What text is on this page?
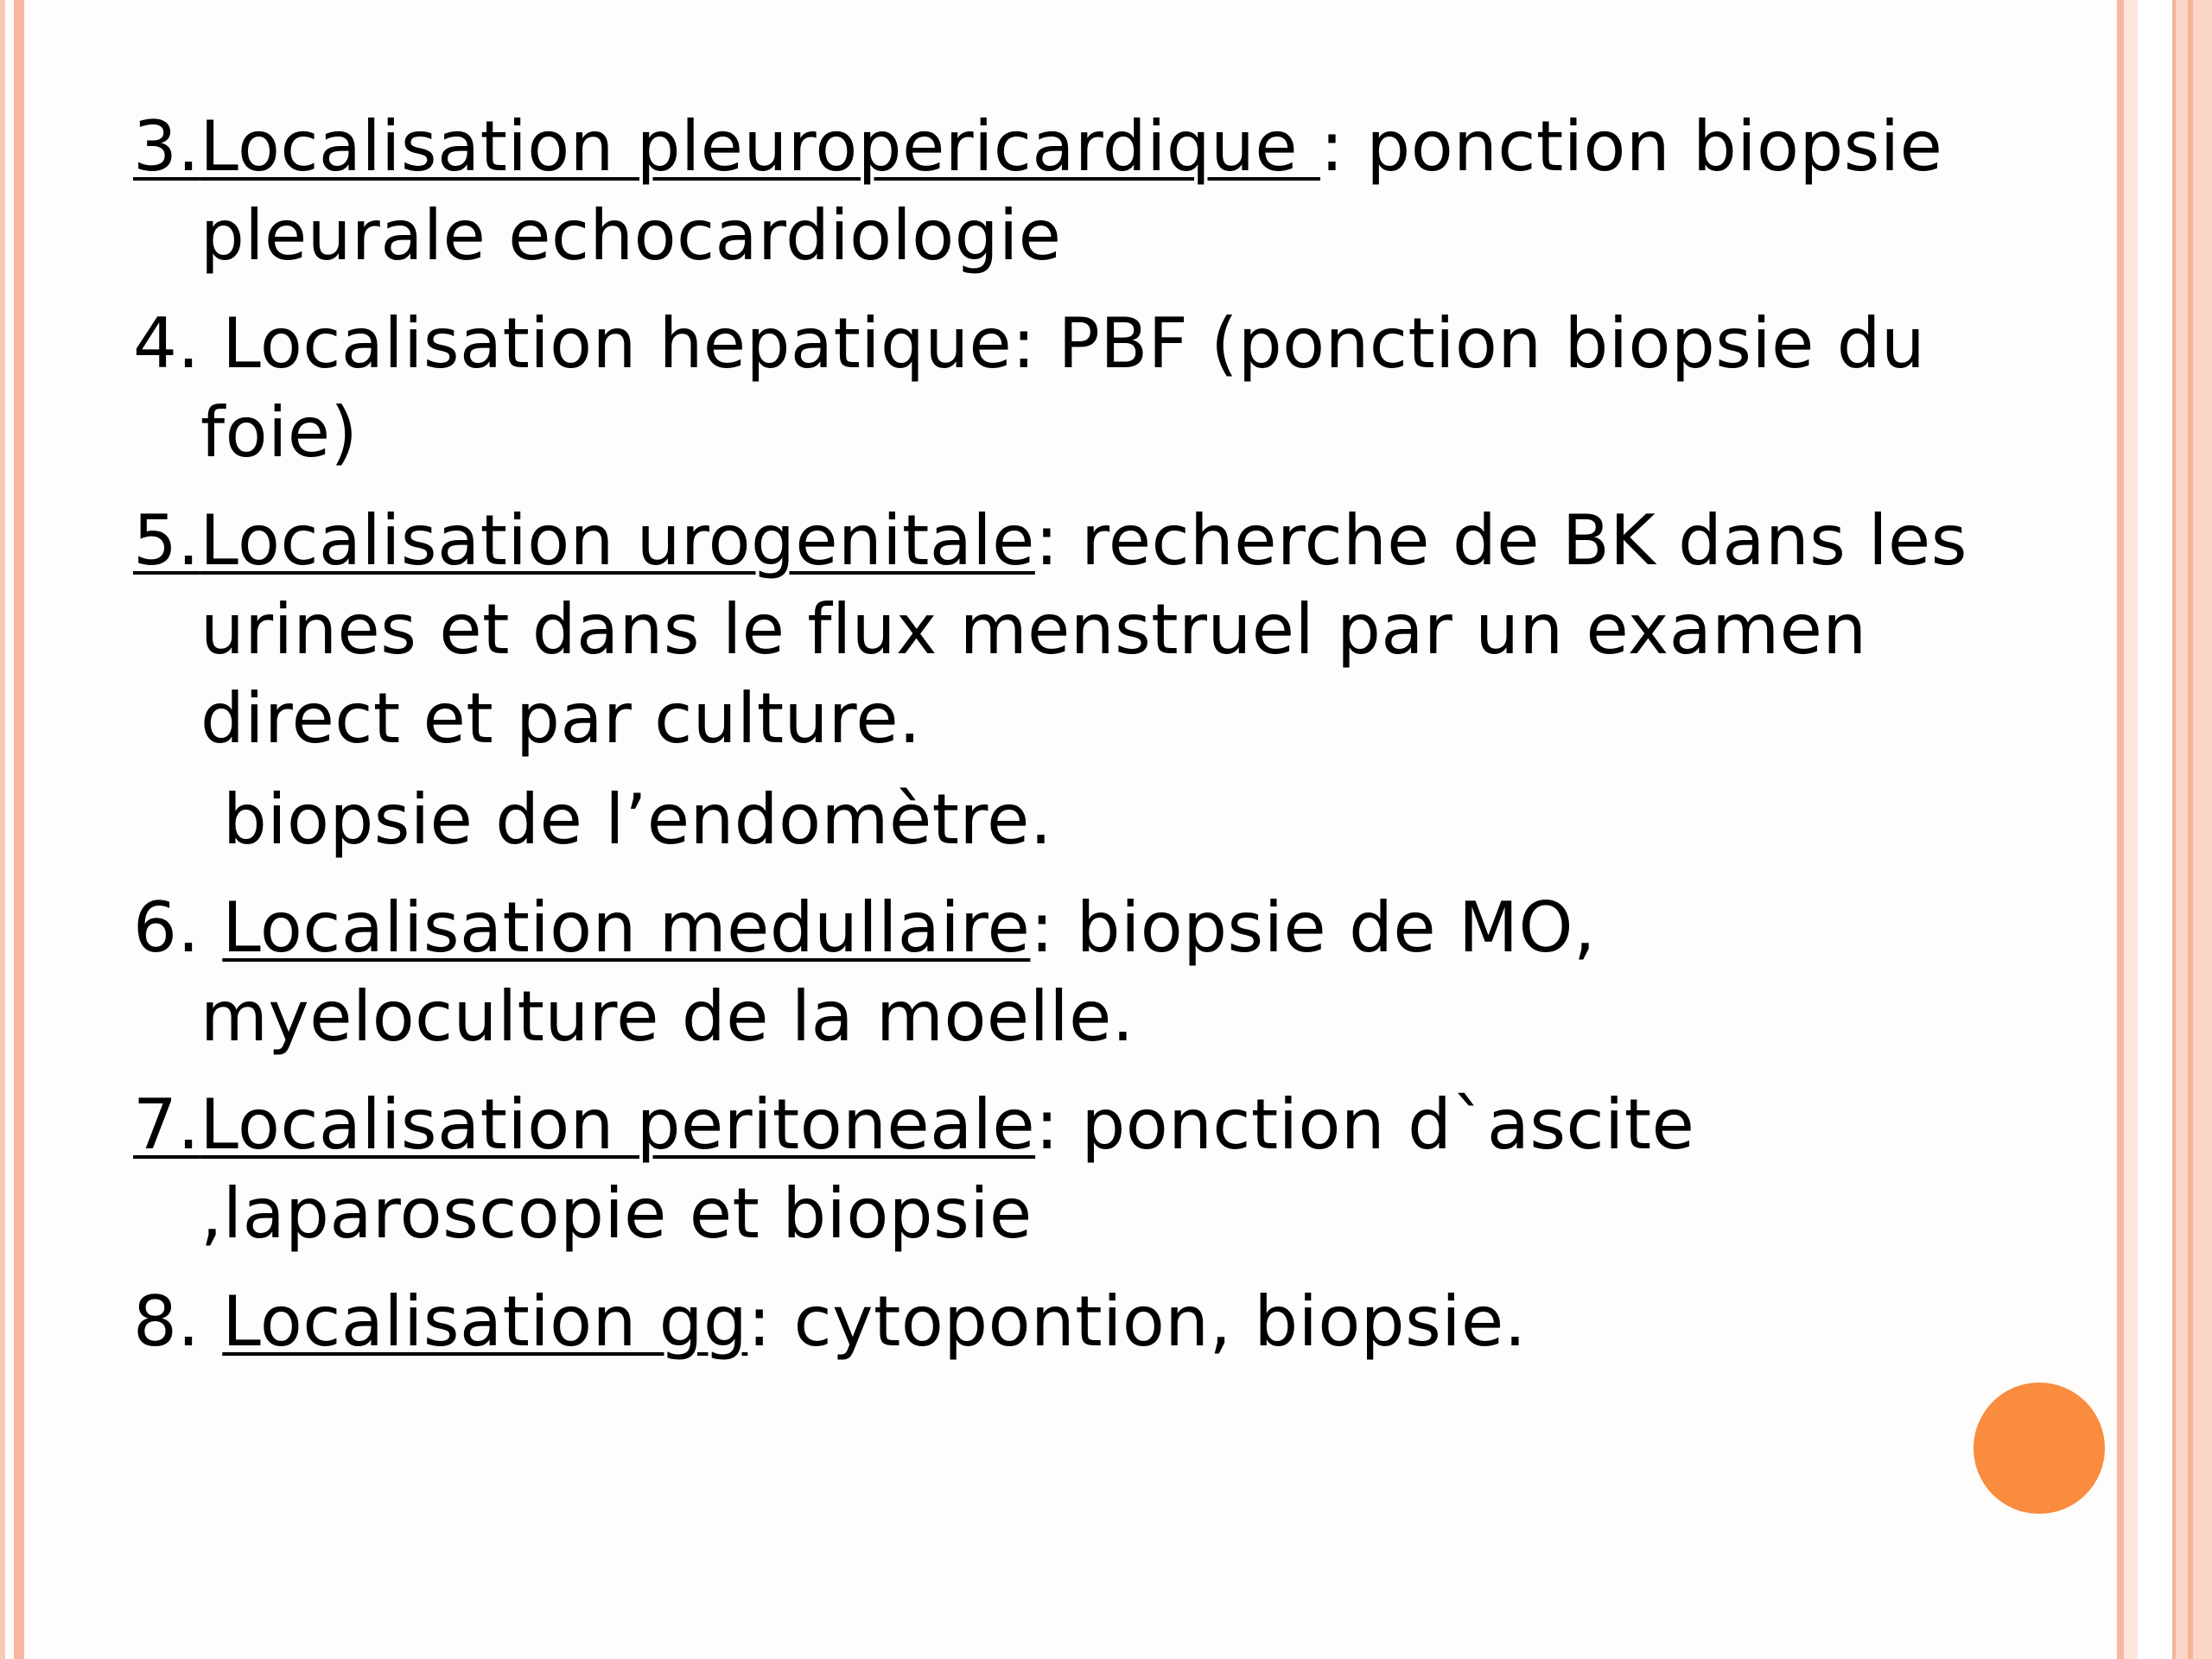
3.Localisation pleuropericardique : ponction biopsie pleurale echocardiologie

4. Localisation hepatique: PBF (ponction biopsie du foie)

5.Localisation urogenitale: recherche de BK dans les urines et dans le flux menstruel par un examen direct et par culture.

biopsie de l’endomètre.

6. Localisation medullaire: biopsie de MO, myeloculture de la moelle.

7.Localisation peritoneale: ponction d`ascite ,laparoscopie et biopsie

8. Localisation gg: cytopontion, biopsie.
